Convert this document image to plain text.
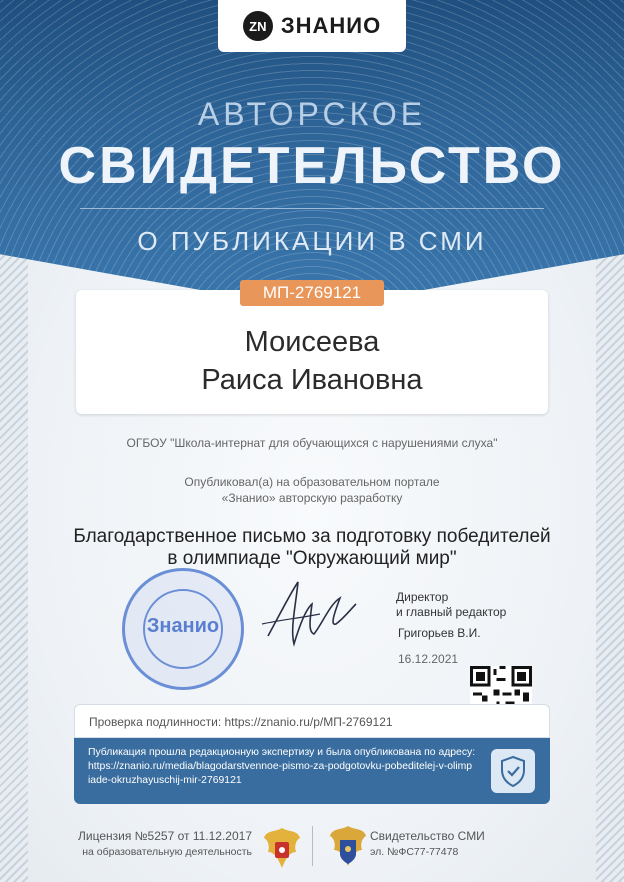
ZN ЗНАНИО
АВТОРСКОЕ
СВИДЕТЕЛЬСТВО
О ПУБЛИКАЦИИ В СМИ
МП-2769121
Моисеева
Раиса Ивановна
ОГБОУ "Школа-интернат для обучающихся с нарушениями слуха"
Опубликовал(а) на образовательном портале
«Знанио» авторскую разработку
Благодарственное письмо за подготовку победителей
в олимпиаде "Окружающий мир"
Знанио
Директор
и главный редактор
Григорьев В.И.
16.12.2021
Проверка подлинности: https://znanio.ru/p/МП-2769121
Публикация прошла редакционную экспертизу и была опубликована по адресу:
https://znanio.ru/media/blagodarstvennoe-pismo-za-podgotovku-pobeditelej-v-olimp
iade-okruzhayuschij-mir-2769121
Лицензия №5257 от 11.12.2017
на образовательную деятельность
Свидетельство СМИ
эл. №ФС77-77478
